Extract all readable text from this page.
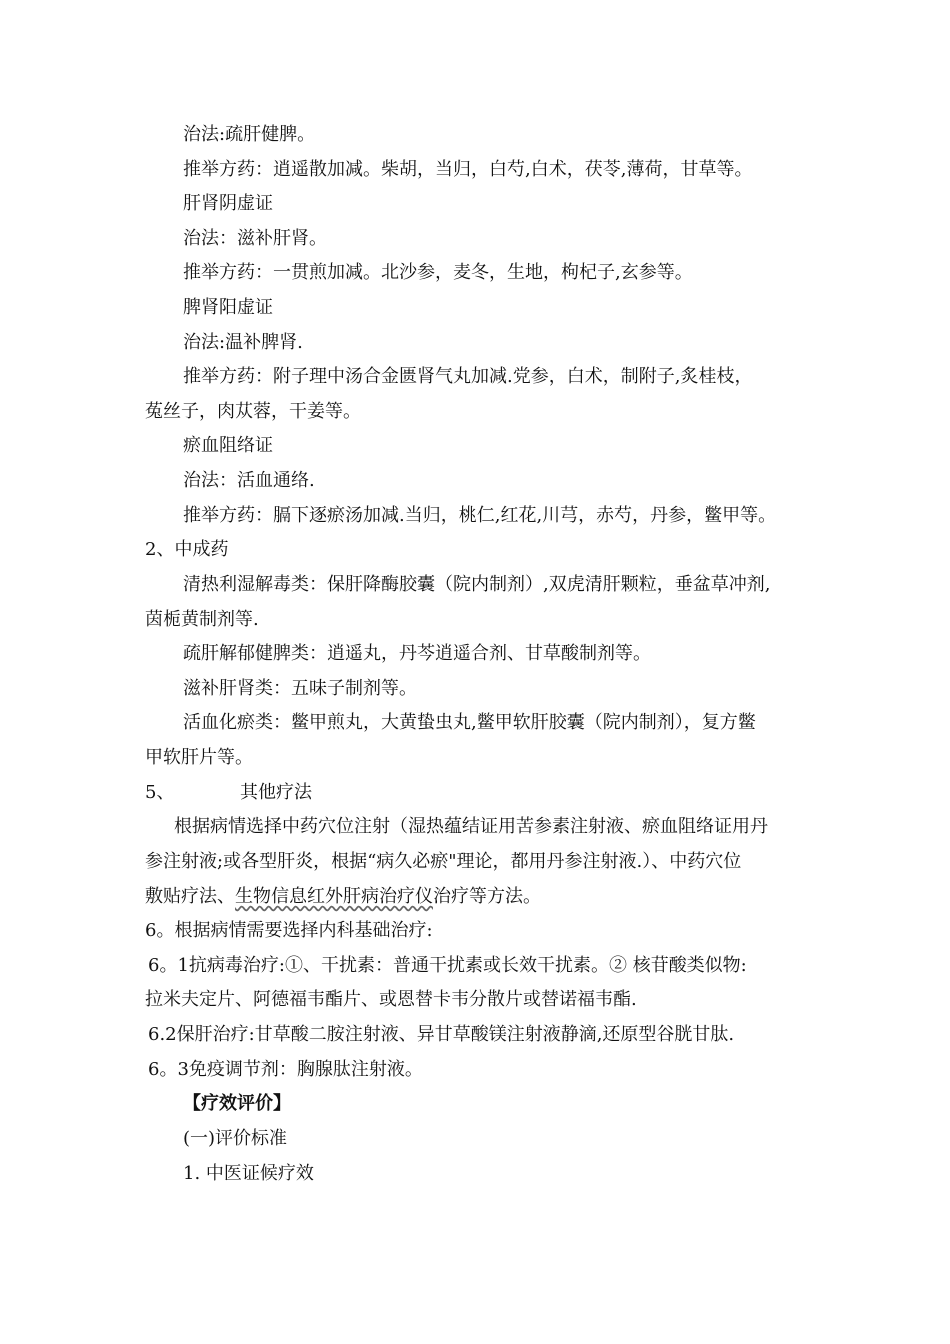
治法:疏肝健脾。
推举方药：逍遥散加减。柴胡，当归，白芍,白术，茯苓,薄荷，甘草等。
肝肾阴虚证
治法：滋补肝肾。
推举方药：一贯煎加减。北沙参，麦冬，生地，枸杞子,玄参等。
脾肾阳虚证
治法:温补脾肾.
推举方药：附子理中汤合金匮肾气丸加减.党参，白术，制附子,炙桂枝，
菟丝子，肉苁蓉，干姜等。
瘀血阻络证
治法：活血通络.
推举方药：膈下逐瘀汤加减.当归，桃仁,红花,川芎，赤芍，丹参，鳖甲等。
2、中成药
清热利湿解毒类：保肝降酶胶囊（院内制剂）,双虎清肝颗粒，垂盆草冲剂,
茵栀黄制剂等.
疏肝解郁健脾类：逍遥丸，丹芩逍遥合剂、甘草酸制剂等。
滋补肝肾类：五味子制剂等。
活血化瘀类：鳖甲煎丸，大黄蛰虫丸,鳖甲软肝胶囊（院内制剂），复方鳖
甲软肝片等。
5、	其他疗法
根据病情选择中药穴位注射（湿热蕴结证用苦参素注射液、瘀血阻络证用丹
参注射液;或各型肝炎，根据“病久必瘀"理论，都用丹参注射液.）、中药穴位
敷贴疗法、生物信息红外肝病治疗仪治疗等方法。
6。根据病情需要选择内科基础治疗:
6。1抗病毒治疗:①、干扰素：普通干扰素或长效干扰素。② 核苷酸类似物:
拉米夫定片、阿德福韦酯片、或恩替卡韦分散片或替诺福韦酯.
6.2保肝治疗:甘草酸二胺注射液、异甘草酸镁注射液静滴,还原型谷胱甘肽.
6。3免疫调节剂：胸腺肽注射液。
【疗效评价】
(一)评价标准
1. 中医证候疗效
